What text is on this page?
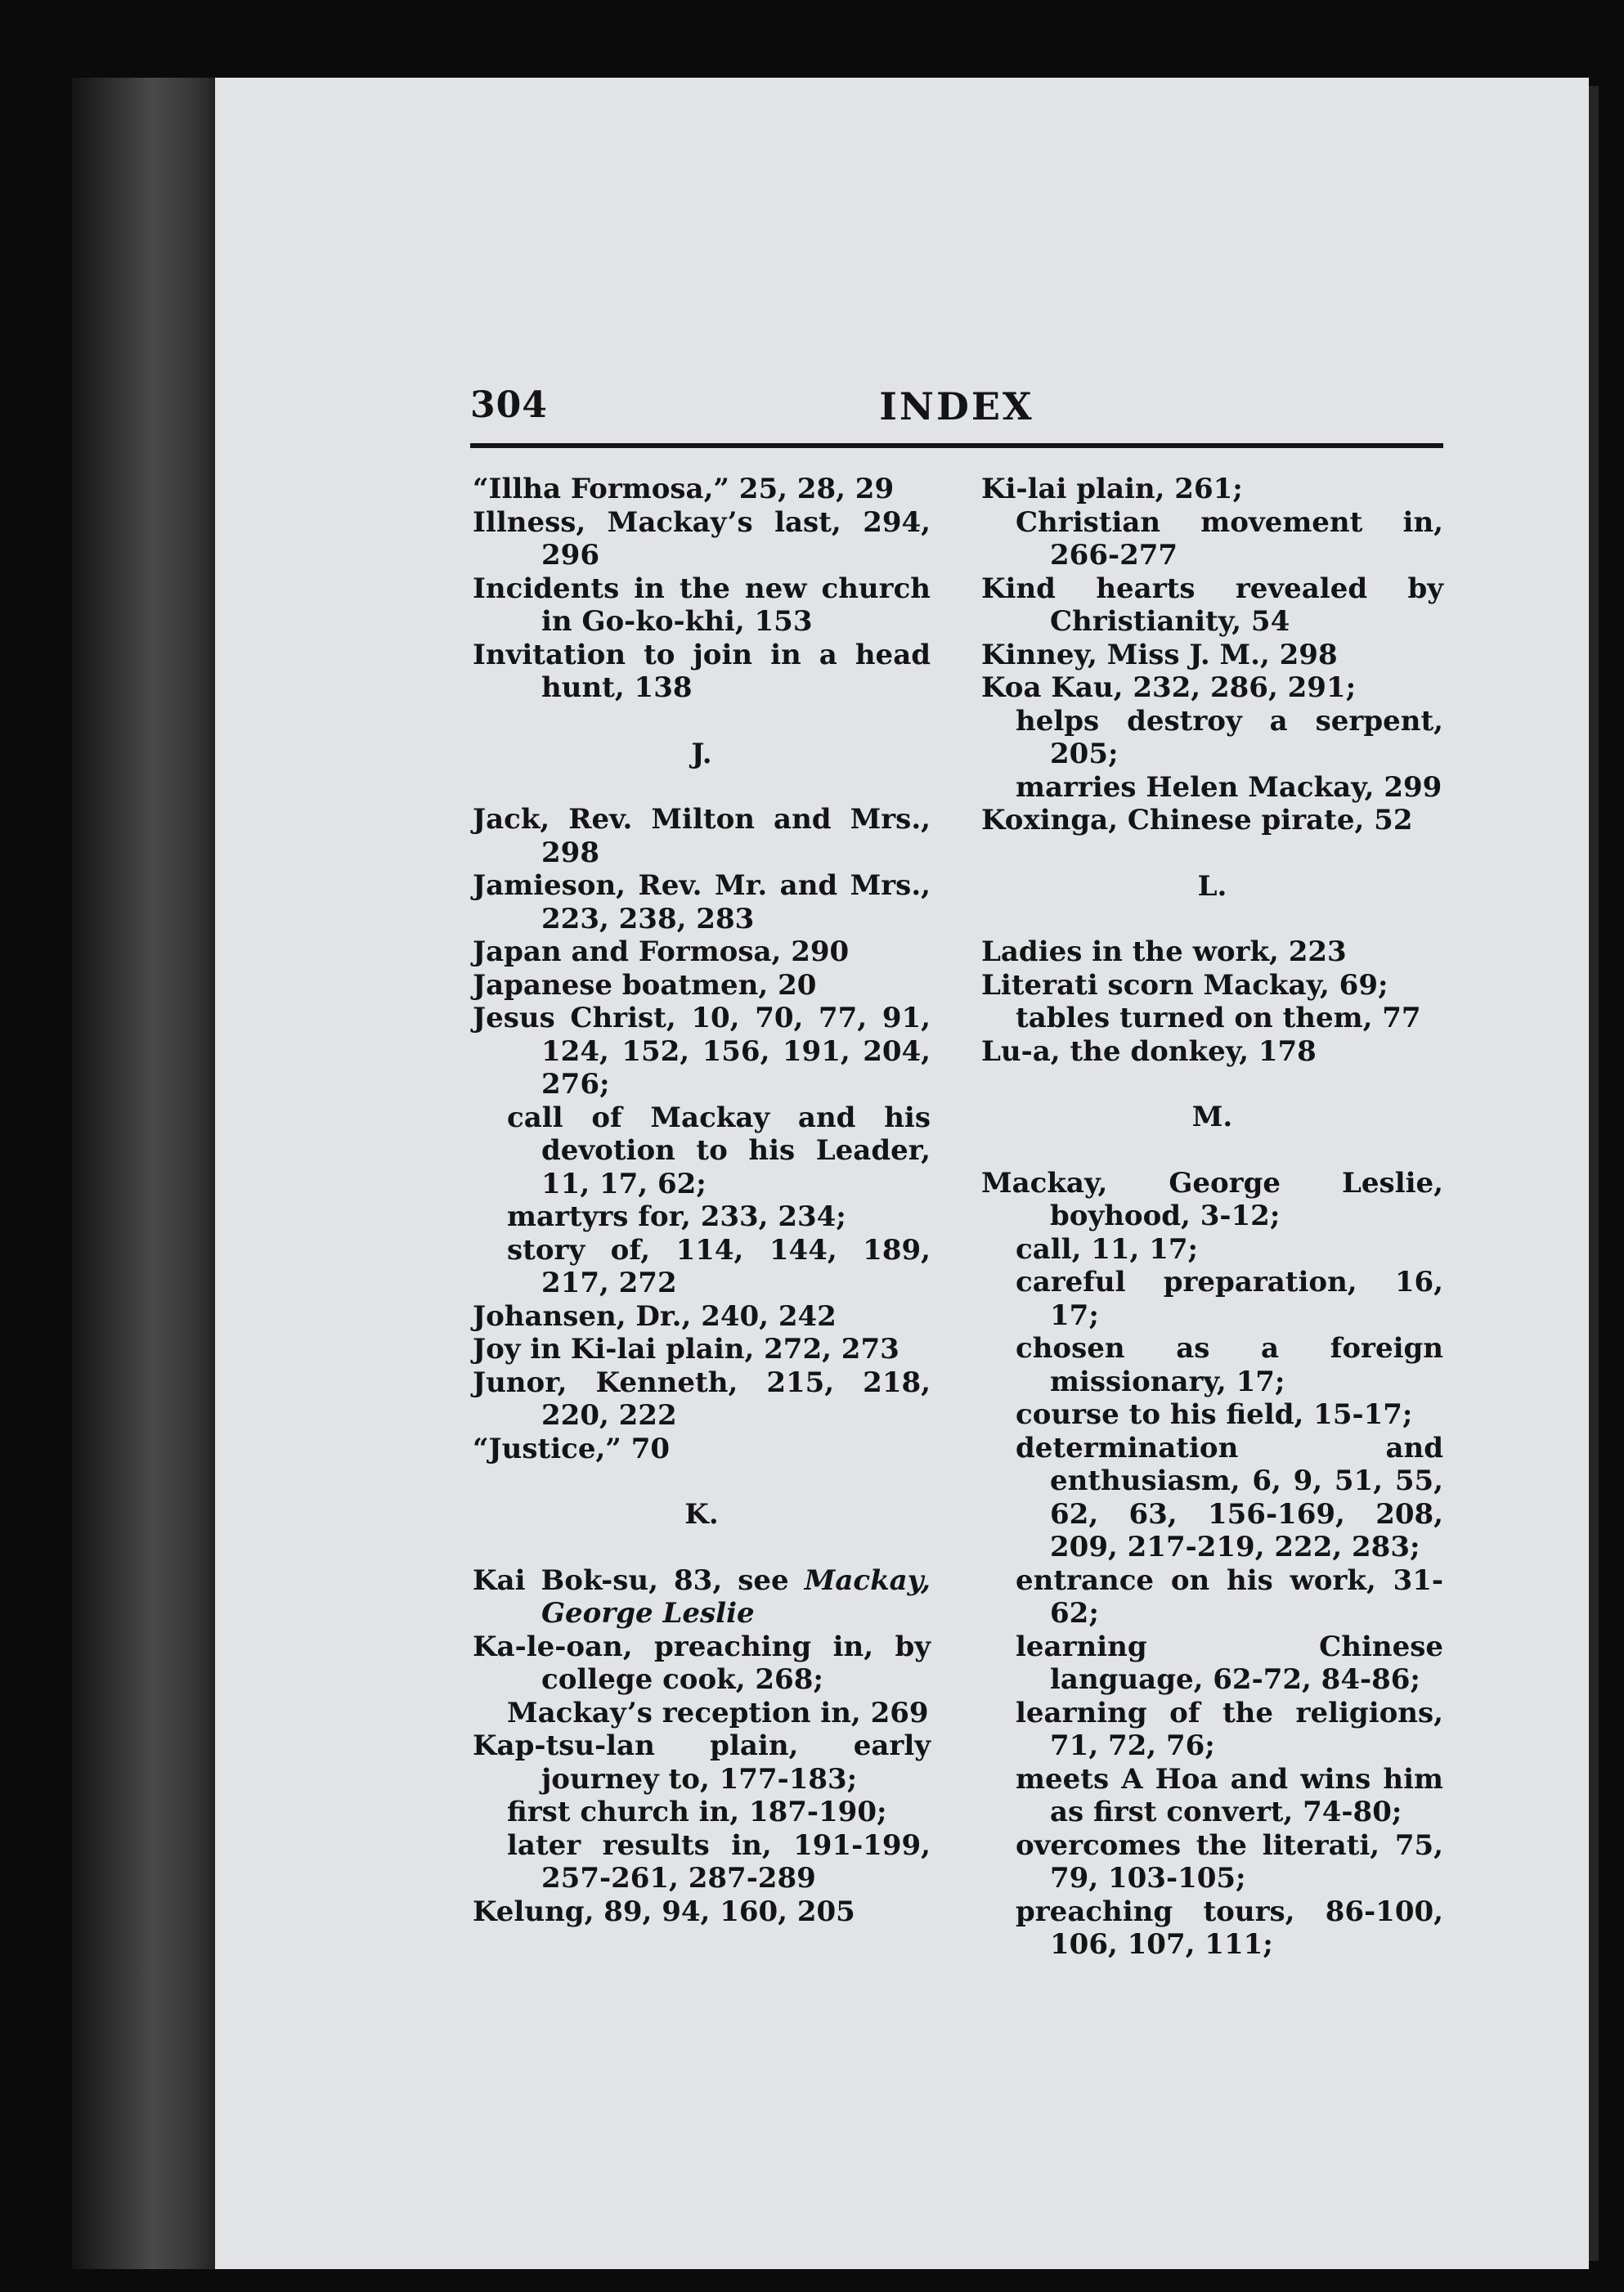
304	INDEX
“Illha Formosa,” 25, 28, 29
Illness, Mackay’s last, 294, 296
Incidents in the new church in Go-ko-khi, 153
Invitation to join in a head hunt, 138
J.
Jack, Rev. Milton and Mrs., 298
Jamieson, Rev. Mr. and Mrs., 223, 238, 283
Japan and Formosa, 290
Japanese boatmen, 20
Jesus Christ, 10, 70, 77, 91, 124, 152, 156, 191, 204, 276;
call of Mackay and his devotion to his Leader, 11, 17, 62;
martyrs for, 233, 234;
story of, 114, 144, 189, 217, 272
Johansen, Dr., 240, 242
Joy in Ki-lai plain, 272, 273
Junor, Kenneth, 215, 218, 220, 222
“Justice,” 70
K.
Kai Bok-su, 83, see Mackay, George Leslie
Ka-le-oan, preaching in, by college cook, 268;
Mackay’s reception in, 269
Kap-tsu-lan plain, early journey to, 177-183;
first church in, 187-190;
later results in, 191-199, 257-261, 287-289
Kelung, 89, 94, 160, 205
Ki-lai plain, 261;
Christian movement in, 266-277
Kind hearts revealed by Christianity, 54
Kinney, Miss J. M., 298
Koa Kau, 232, 286, 291;
helps destroy a serpent, 205;
marries Helen Mackay, 299
Koxinga, Chinese pirate, 52
L.
Ladies in the work, 223
Literati scorn Mackay, 69;
tables turned on them, 77
Lu-a, the donkey, 178
M.
Mackay, George Leslie, boyhood, 3-12;
call, 11, 17;
careful preparation, 16, 17;
chosen as a foreign missionary, 17;
course to his field, 15-17;
determination and enthusiasm, 6, 9, 51, 55, 62, 63, 156-169, 208, 209, 217-219, 222, 283;
entrance on his work, 31-62;
learning Chinese language, 62-72, 84-86;
learning of the religions, 71, 72, 76;
meets A Hoa and wins him as first convert, 74-80;
overcomes the literati, 75, 79, 103-105;
preaching tours, 86-100, 106, 107, 111;
